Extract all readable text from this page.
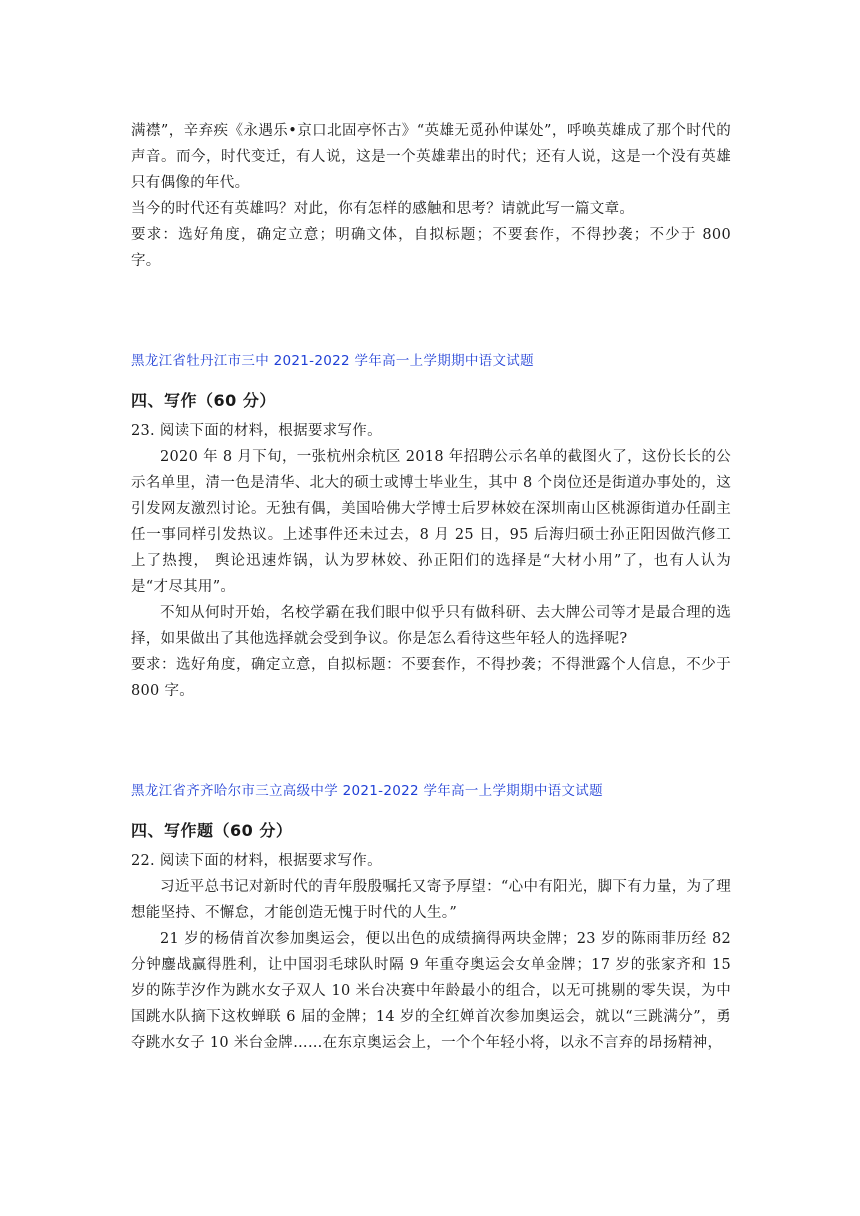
满襟”，辛弃疾《永遇乐•京口北固亭怀古》“英雄无觅孙仲谋处”，呼唤英雄成了那个时代的声音。而今，时代变迁，有人说，这是一个英雄辈出的时代；还有人说，这是一个没有英雄只有偶像的年代。

当今的时代还有英雄吗？对此，你有怎样的感触和思考？请就此写一篇文章。

要求：选好角度，确定立意；明确文体，自拟标题；不要套作，不得抄袭；不少于 800 字。

黑龙江省牡丹江市三中 2021-2022 学年高一上学期期中语文试题

四、写作（60 分）

23. 阅读下面的材料，根据要求写作。

2020 年 8 月下旬，一张杭州余杭区 2018 年招聘公示名单的截图火了，这份长长的公示名单里，清一色是清华、北大的硕士或博士毕业生，其中 8 个岗位还是街道办事处的，这引发网友激烈讨论。无独有偶，美国哈佛大学博士后罗林姣在深圳南山区桃源街道办任副主任一事同样引发热议。上述事件还未过去，8 月 25 日，95 后海归硕士孙正阳因做汽修工上了热搜， 舆论迅速炸锅，认为罗林姣、孙正阳们的选择是“大材小用”了，也有人认为是“才尽其用”。

不知从何时开始，名校学霸在我们眼中似乎只有做科研、去大牌公司等才是最合理的选择，如果做出了其他选择就会受到争议。你是怎么看待这些年轻人的选择呢?

要求：选好角度，确定立意，自拟标题：不要套作，不得抄袭；不得泄露个人信息，不少于 800 字。

黑龙江省齐齐哈尔市三立高级中学 2021-2022 学年高一上学期期中语文试题

四、写作题（60 分）

22. 阅读下面的材料，根据要求写作。

习近平总书记对新时代的青年殷殷嘱托又寄予厚望：“心中有阳光，脚下有力量，为了理想能坚持、不懈怠，才能创造无愧于时代的人生。”

21 岁的杨倩首次参加奥运会，便以出色的成绩摘得两块金牌；23 岁的陈雨菲历经 82 分钟鏖战赢得胜利，让中国羽毛球队时隔 9 年重夺奥运会女单金牌；17 岁的张家齐和 15 岁的陈芋汐作为跳水女子双人 10 米台决赛中年龄最小的组合，以无可挑剔的零失误，为中国跳水队摘下这枚蝉联 6 届的金牌；14 岁的全红婵首次参加奥运会，就以“三跳满分”，勇夺跳水女子 10 米台金牌……在东京奥运会上，一个个年轻小将，以永不言弃的昂扬精神，
